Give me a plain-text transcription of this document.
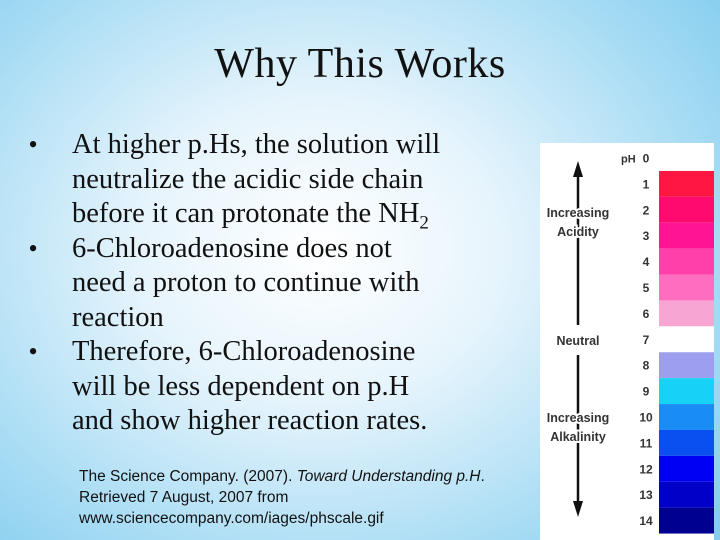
Why This Works
• At higher p.Hs, the solution will
neutralize the acidic side chain
before it can protonate the $NH_2$
• 6-Chloroadenosine does not
need a proton to continue with
reaction
• Therefore, 6-Chloroadenosine
will be less dependent on p.H
and show higher reaction rates.
The Science Company. (2007). Toward Understanding p.H. Retrieved 7 August, 2007 from www.sciencecompany.com/iages/phscale.gif
0
1
2
3
4
5
6
7
8
9
10
11
12
13
14
pH
Increasing
Acidity
Neutral
Increasing
Alkalinity
